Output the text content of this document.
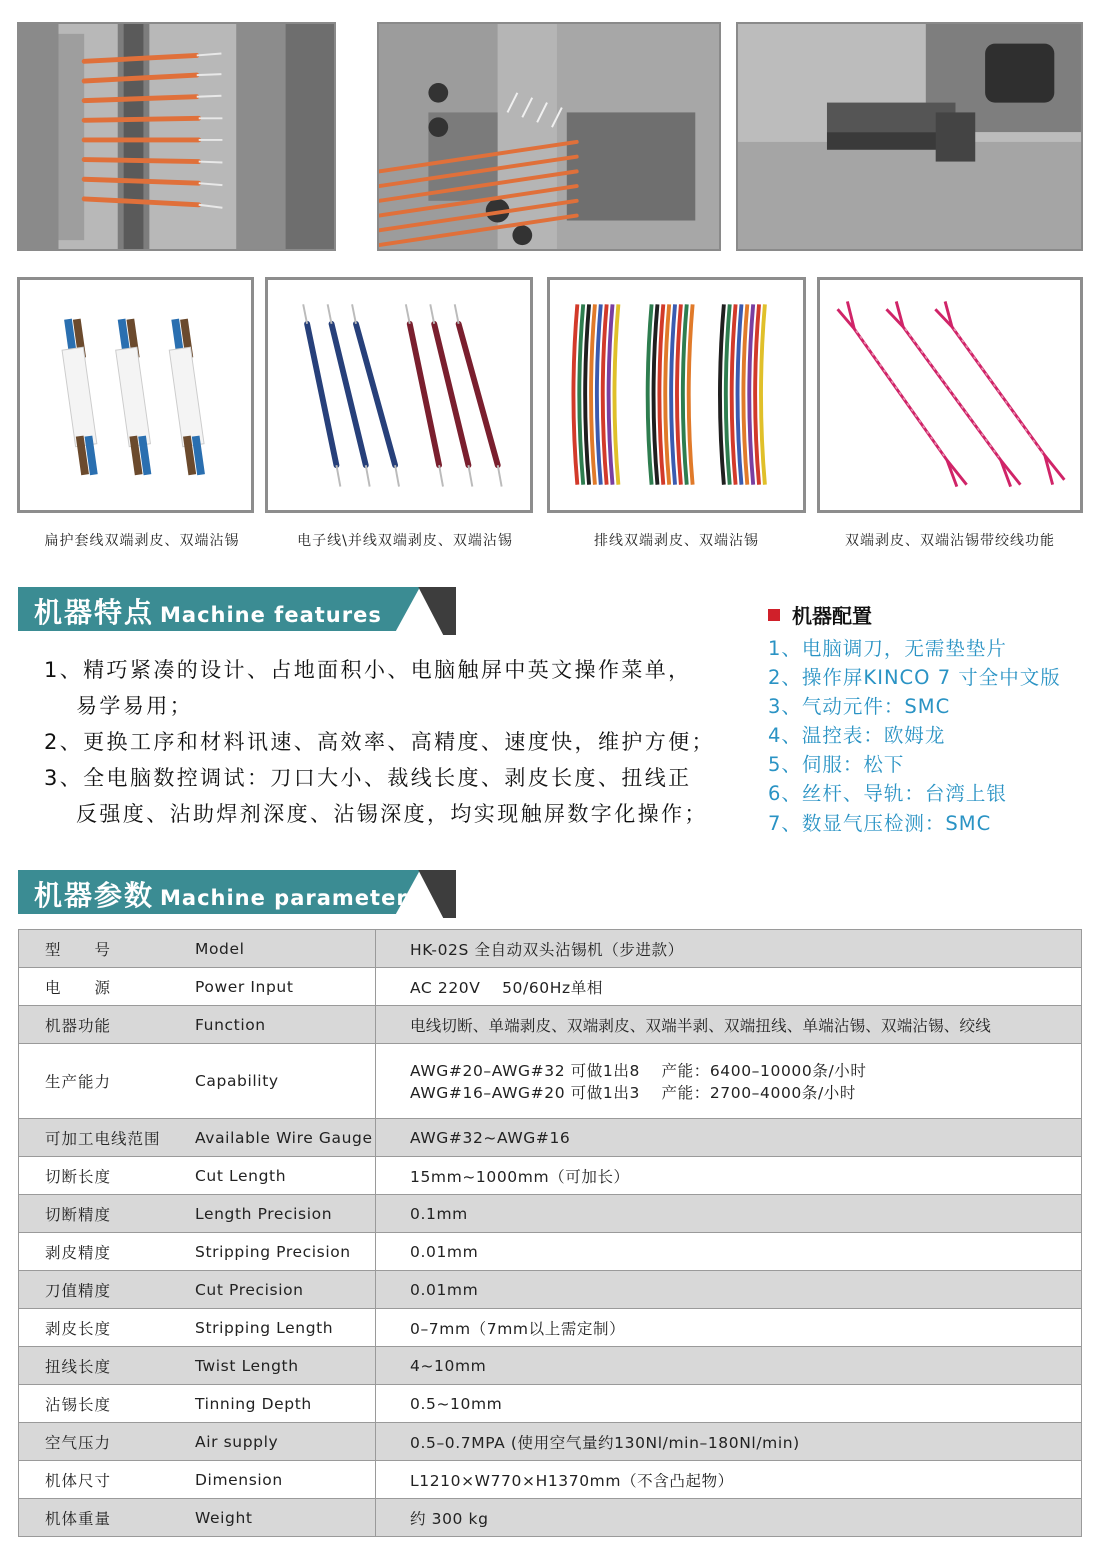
扁护套线双端剥皮、双端沾锡	电子线\并线双端剥皮、双端沾锡	排线双端剥皮、双端沾锡	双端剥皮、双端沾锡带绞线功能
机器特点 Machine features
1、精巧紧凑的设计、占地面积小、电脑触屏中英文操作菜单，
易学易用；
2、更换工序和材料讯速、高效率、高精度、速度快，维护方便；
3、全电脑数控调试：刀口大小、裁线长度、剥皮长度、扭线正
反强度、沾助焊剂深度、沾锡深度，均实现触屏数字化操作；
机器配置
1、电脑调刀，无需垫垫片
2、操作屏KINCO 7 寸全中文版
3、气动元件：SMC
4、温控表：欧姆龙
5、伺服：松下
6、丝杆、导轨：台湾上银
7、数显气压检测：SMC
机器参数 Machine parameters
型　　号	Model	HK-02S 全自动双头沾锡机（步进款）
电　　源	Power Input	AC 220V　 50/60Hz单相
机器功能	Function	电线切断、单端剥皮、双端剥皮、双端半剥、双端扭线、单端沾锡、双端沾锡、绞线
生产能力	Capability	AWG#20–AWG#32 可做1出8　 产能：6400–10000条/小时
AWG#16–AWG#20 可做1出3　 产能：2700–4000条/小时

可加工电线范围	Available Wire Gauge	AWG#32~AWG#16
切断长度	Cut Length	15mm~1000mm（可加长）
切断精度	Length Precision	0.1mm
剥皮精度	Stripping Precision	0.01mm
刀值精度	Cut Precision	0.01mm
剥皮长度	Stripping Length	0–7mm（7mm以上需定制）
扭线长度	Twist Length	4~10mm
沾锡长度	Tinning Depth	0.5~10mm
空气压力	Air supply	0.5–0.7MPA (使用空气量约130Nl/min–180Nl/min)
机体尺寸	Dimension	L1210×W770×H1370mm（不含凸起物）
机体重量	Weight	约 300 kg
